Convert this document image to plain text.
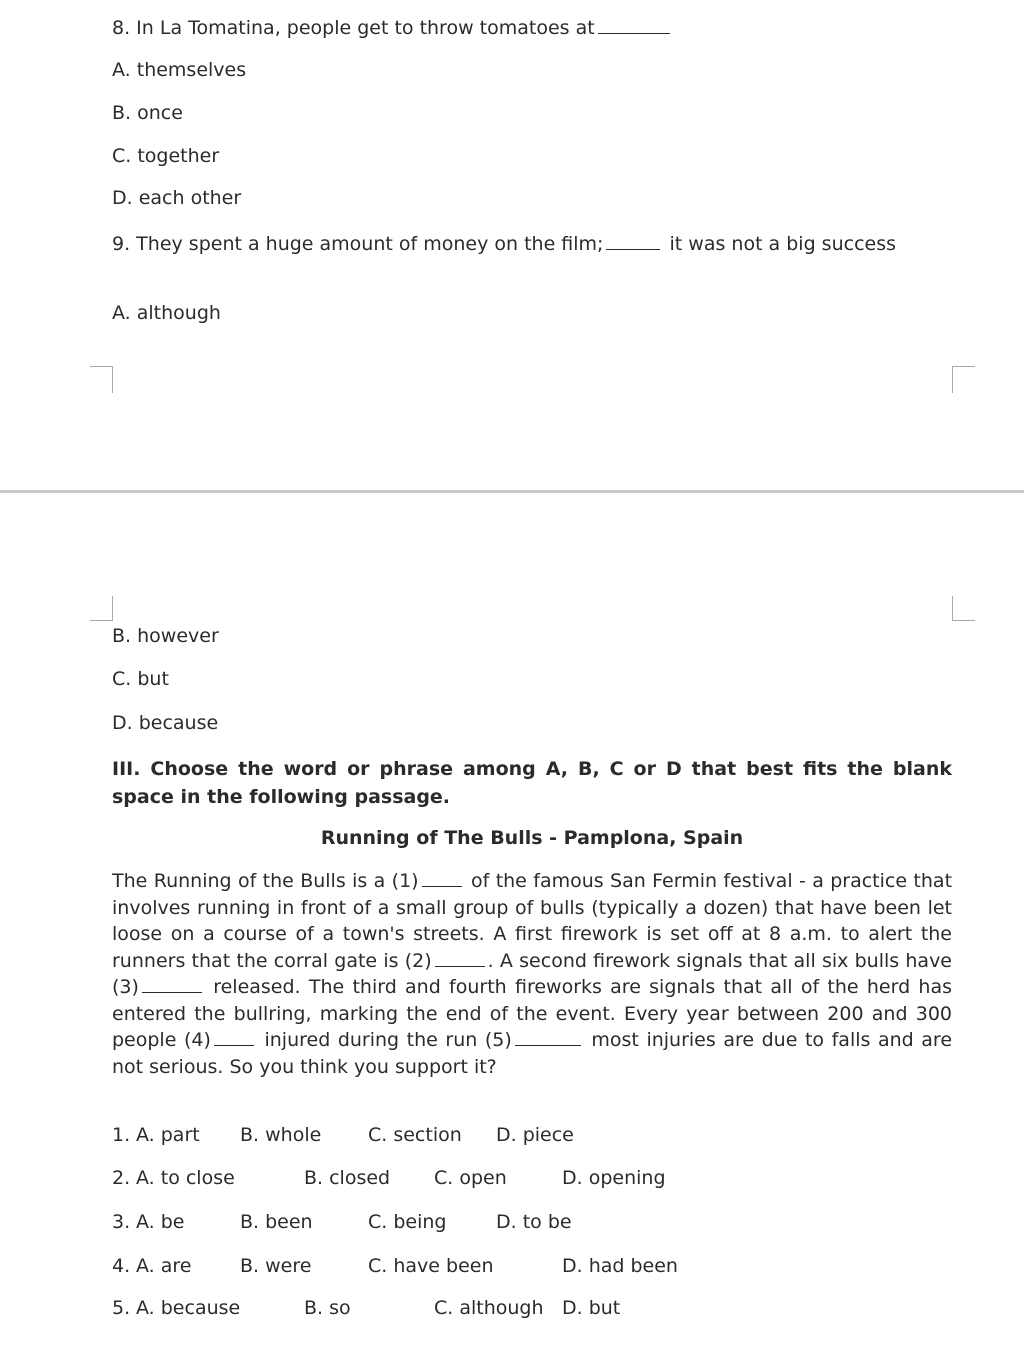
8. In La Tomatina, people get to throw tomatoes at
A. themselves
B. once
C. together
D. each other
9. They spent a huge amount of money on the film;	it was not a big success
A. although
B. however
C. but
D. because
III. Choose the word or phrase among A, B, C or D that best fits the blank space in the following passage.
Running of The Bulls - Pamplona, Spain
The Running of the Bulls is a (1)	of the famous San Fermin festival - a practice that involves running in front of a small group of bulls (typically a dozen) that have been let loose on a course of a town's streets. A first firework is set off at 8 a.m. to alert the runners that the corral gate is (2)	. A second firework signals that all six bulls have (3)	released. The third and fourth fireworks are signals that all of the herd has entered the bullring, marking the end of the event. Every year between 200 and 300 people (4)	injured during the run (5)	most injuries are due to falls and are not serious. So you think you support it?
1. A. part B. whole C. section D. piece
2. A. to close	B. closed C. open	D. opening
3. A. be	B. been	C. being	D. to be
4. A. are	B. were	C. have been	D. had been
5. A. because	B. so	C. although D. but
